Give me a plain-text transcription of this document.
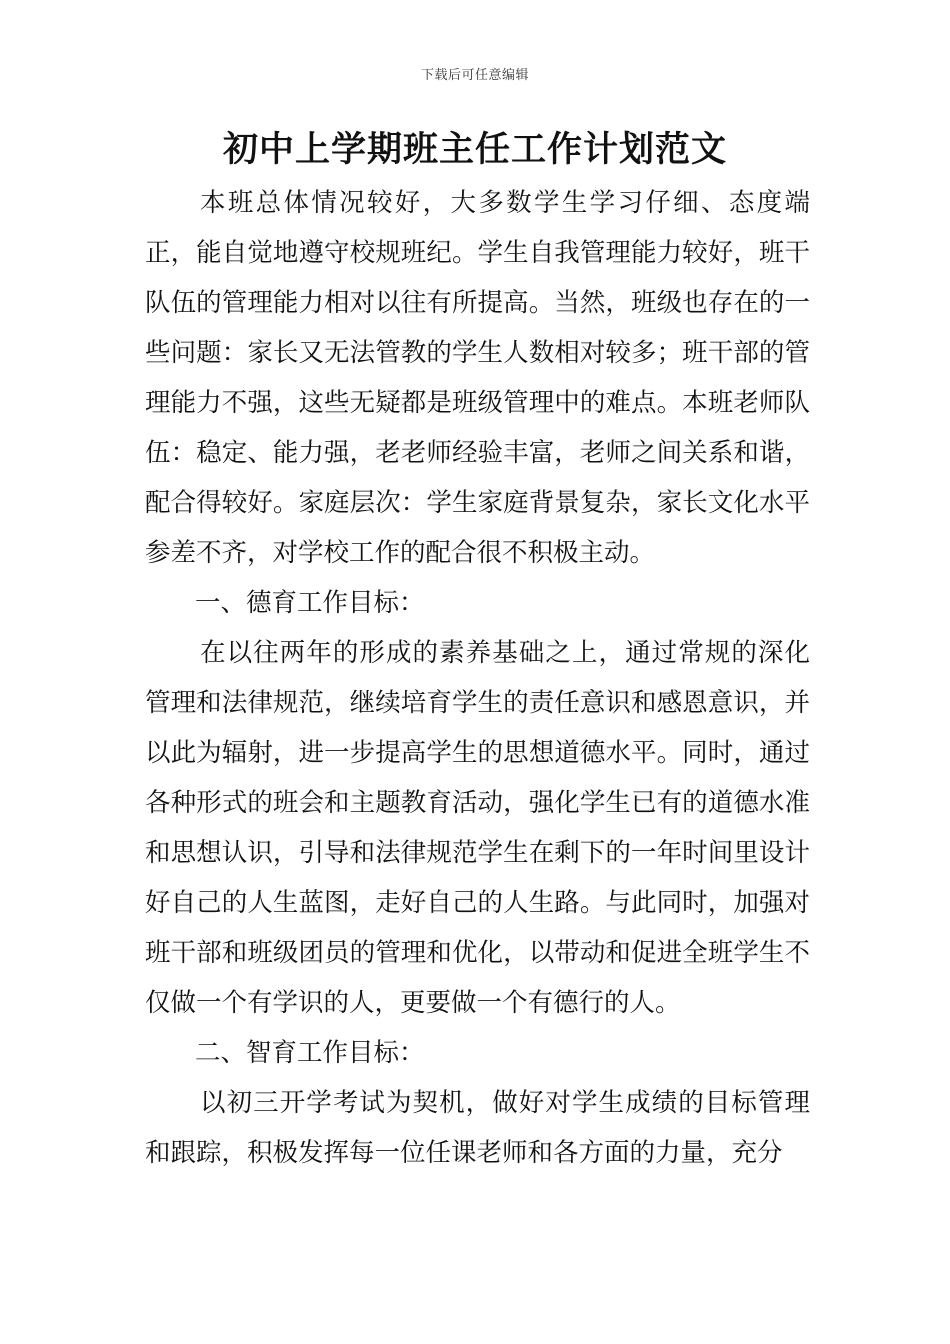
下载后可任意编辑
初中上学期班主任工作计划范文

本班总体情况较好，大多数学生学习仔细、态度端正，能自觉地遵守校规班纪。学生自我管理能力较好，班干队伍的管理能力相对以往有所提高。当然，班级也存在的一些问题：家长又无法管教的学生人数相对较多；班干部的管理能力不强，这些无疑都是班级管理中的难点。本班老师队伍：稳定、能力强，老老师经验丰富，老师之间关系和谐，配合得较好。家庭层次：学生家庭背景复杂，家长文化水平参差不齐，对学校工作的配合很不积极主动。

一、德育工作目标：

在以往两年的形成的素养基础之上，通过常规的深化管理和法律规范，继续培育学生的责任意识和感恩意识，并以此为辐射，进一步提高学生的思想道德水平。同时，通过各种形式的班会和主题教育活动，强化学生已有的道德水准和思想认识，引导和法律规范学生在剩下的一年时间里设计好自己的人生蓝图，走好自己的人生路。与此同时，加强对班干部和班级团员的管理和优化，以带动和促进全班学生不仅做一个有学识的人，更要做一个有德行的人。

二、智育工作目标：

以初三开学考试为契机，做好对学生成绩的目标管理和跟踪，积极发挥每一位任课老师和各方面的力量，充分
